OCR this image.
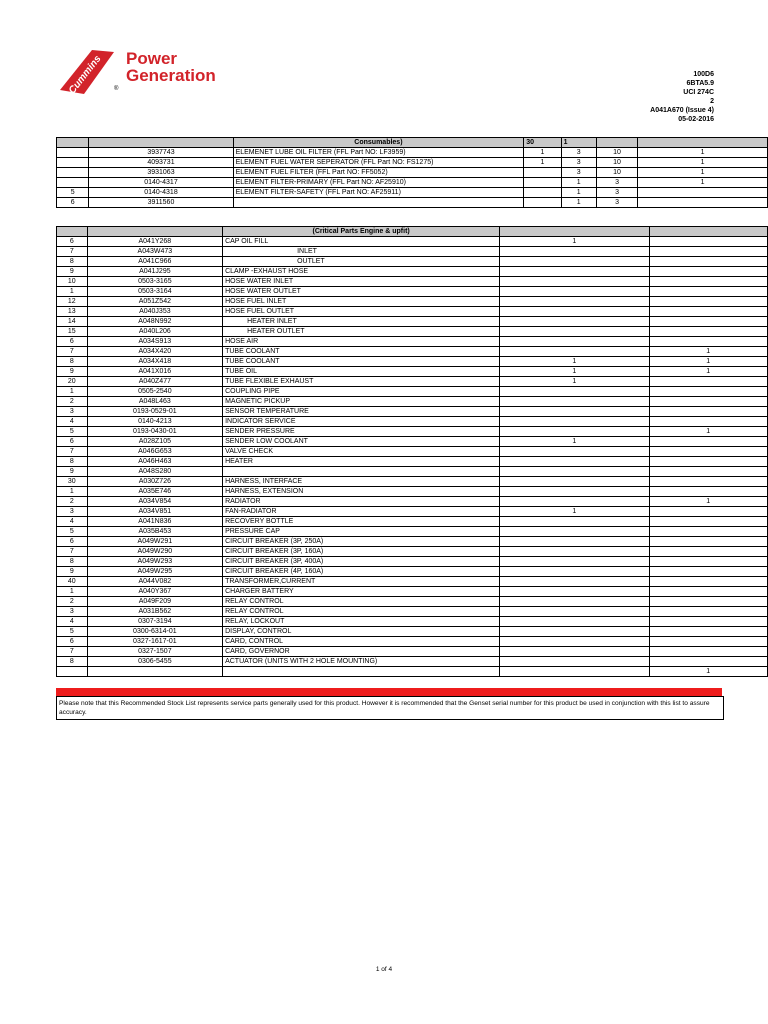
Cummins Power
Generation
®
100D6
6BTA5.9
UCI 274C
2
A041A670 (Issue 4)
05-02-2016
		Consumables)	30	1		
	3937743	ELEMENET LUBE OIL FILTER (FFL Part NO: LF3959)	1	3	10	1
	4093731	ELEMENT FUEL WATER SEPERATOR (FFL Part NO: FS1275)	1	3	10	1
	3931063	ELEMENT FUEL FILTER (FFL Part NO: FF5052)		3	10	1
	0140-4317	ELEMENT FILTER-PRIMARY (FFL Part NO: AF25910)		1	3	1
5	0140-4318	ELEMENT FILTER-SAFETY (FFL Part NO: AF25911)		1	3	
6	3911560			1	3	
		(Critical Parts Engine & upfit)		
6	A041Y268	CAP OIL FILL	1	
7	A043W473	INLET		
8	A041C966	OUTLET		
9	A041J295	CLAMP -EXHAUST HOSE		
10	0503-3165	HOSE WATER INLET		
1	0503-3164	HOSE WATER OUTLET		
12	A051Z542	HOSE FUEL INLET		
13	A040J353	HOSE FUEL OUTLET		
14	A048N992	HEATER INLET		
15	A040L206	HEATER OUTLET		
6	A034S913	HOSE AIR		
7	A034X420	TUBE COOLANT		1
8	A034X418	TUBE COOLANT	1	1
9	A041X016	TUBE OIL	1	1
20	A040Z477	TUBE FLEXIBLE EXHAUST	1	
1	0505-2540	COUPLING PIPE		
2	A048L463	MAGNETIC PICKUP		
3	0193-0529-01	SENSOR TEMPERATURE		
4	0140-4213	INDICATOR SERVICE		
5	0193-0430-01	SENDER PRESSURE		1
6	A028Z105	SENDER LOW COOLANT	1	
7	A046G653	VALVE CHECK		
8	A046H463	HEATER		
9	A048S280			
30	A030Z726	HARNESS, INTERFACE		
1	A035E746	HARNESS, EXTENSION		
2	A034V854	RADIATOR		1
3	A034V851	FAN-RADIATOR	1	
4	A041N836	RECOVERY BOTTLE		
5	A035B453	PRESSURE CAP		
6	A049W291	CIRCUIT BREAKER (3P, 250A)		
7	A049W290	CIRCUIT BREAKER (3P, 160A)		
8	A049W293	CIRCUIT BREAKER (3P, 400A)		
9	A049W295	CIRCUIT BREAKER (4P, 160A)		
40	A044V082	TRANSFORMER,CURRENT		
1	A040Y367	CHARGER BATTERY		
2	A049F209	RELAY CONTROL		
3	A031B562	RELAY CONTROL		
4	0307-3194	RELAY, LOCKOUT		
5	0300-6314-01	DISPLAY, CONTROL		
6	0327-1617-01	CARD, CONTROL		
7	0327-1507	CARD, GOVERNOR		
8	0306-5455	ACTUATOR (UNITS WITH 2 HOLE MOUNTING)		
				1
Please note that this Recommended Stock List represents service parts generally used for this product. However it is recommended that the Genset serial number for this product be used in conjunction with this list to assure accuracy.
1 of 4
